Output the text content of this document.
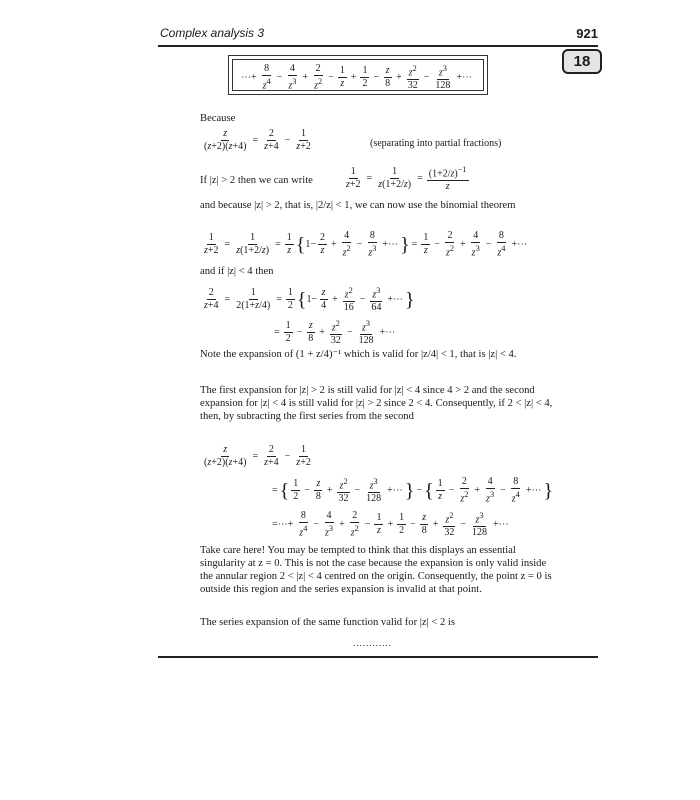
Complex analysis 3	921
18
⋯+ $\frac{8}{z^4} - \frac{4}{z^3} + \frac{2}{z^2} - \frac{1}{z} + \frac{1}{2} - \frac{z}{8} + \frac{z^2}{32} - \frac{z^3}{128}$ +⋯
Because
$\frac{z}{(z+2)(z+4)} = \frac{2}{z+4} - \frac{1}{z+2}$	(separating into partial fractions)
If |z| > 2 then we can write	$\frac{1}{z+2} = \frac{1}{z(1+2/z)} = \frac{(1+2/z)^{-1}}{z}$
and because |z| > 2, that is, |2/z| < 1, we can now use the binomial theorem
$\frac{1}{z+2} = \frac{1}{z(1+2/z)} = \frac{1}{z}$ { $1- \frac{2}{z} + \frac{4}{z^2} - \frac{8}{z^3}$ +⋯ } = $\frac{1}{z} - \frac{2}{z^2} + \frac{4}{z^3} - \frac{8}{z^4}$ +⋯
and if |z| < 4 then
$\frac{2}{z+4} = \frac{1}{2(1+z/4)} = \frac{1}{2}$ { $1- \frac{z}{4} + \frac{z^2}{16} - \frac{z^3}{64}$ +⋯ }
= $\frac{1}{2} - \frac{z}{8} + \frac{z^2}{32} - \frac{z^3}{128}$ +⋯
Note the expansion of (1 + z/4)⁻¹ which is valid for |z/4| < 1, that is |z| < 4.
The first expansion for |z| > 2 is still valid for |z| < 4 since 4 > 2 and the second expansion for |z| < 4 is still valid for |z| > 2 since 2 < 4. Consequently, if 2 < |z| < 4, then, by subracting the first series from the second
$\frac{z}{(z+2)(z+4)} = \frac{2}{z+4} - \frac{1}{z+2}$
= { $\frac{1}{2} - \frac{z}{8} + \frac{z^2}{32} - \frac{z^3}{128}$ +⋯ } − { $\frac{1}{z} - \frac{2}{z^2} + \frac{4}{z^3} - \frac{8}{z^4}$ +⋯ }
=⋯+ $\frac{8}{z^4} - \frac{4}{z^3} + \frac{2}{z^2} - \frac{1}{z} + \frac{1}{2} - \frac{z}{8} + \frac{z^2}{32} - \frac{z^3}{128}$ +⋯
Take care here! You may be tempted to think that this displays an essential singularity at z = 0. This is not the case because the expansion is only valid inside the annular region 2 < |z| < 4 centred on the origin. Consequently, the point z = 0 is outside this region and the series expansion is invalid at that point.
The series expansion of the same function valid for |z| < 2 is
............
